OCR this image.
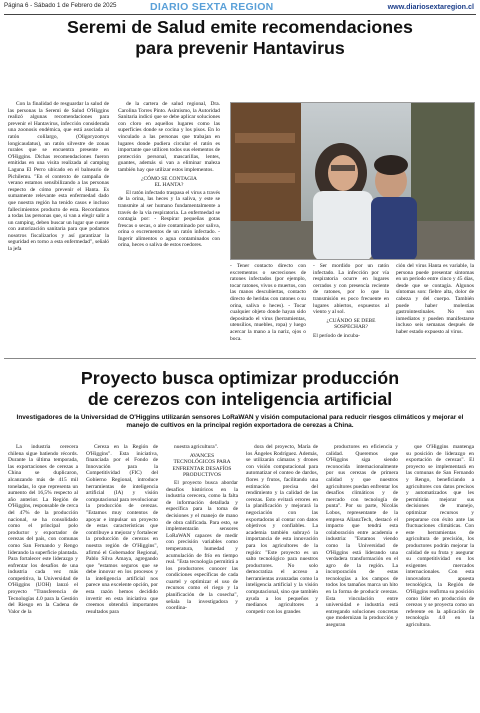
Página 6 - Sábado 1 de Febrero de 2025	DIARIO SEXTA REGION	www.diariosextaregion.cl
Seremi de Salud emite recomendaciones
para prevenir Hantavirus

Con la finalidad de resguardar la salud de las personas la Seremi de Salud O'Higgins realizó algunas recomendaciones para prevenir el Hantavirus, infección considerada una zoonosis endémica, que está asociada al ratón colilargo, (Oligoryzomys longicaudatus), un ratón silvestre de zonas rurales que se encuentra presente en O'Higgins. Dichas recomendaciones fueron emitidas en una visita realizada al camping Laguna El Perro ubicado en el balneario de Pichilemu. "En el contexto de campaña de verano estamos sensibilizando a las personas respecto de cómo prevenir el Hanta. Es sumamente relevante esta enfermedad dado que nuestra región ha tenido casos e incluso fallecimientos producto de esta. Recordamos a todas las personas que, si van a elegir salir a un camping, deben buscar un lugar que cuente con autorización sanitaria para que podamos nosotros fiscalizarlos y así garantizar la seguridad en torno a esta enfermedad", señaló la jefa

de la cartera de salud regional, Dra. Carolina Torres Pinto. Asimismo, la Autoridad Sanitaria indicó que se debe aplicar soluciones con cloro en aquellos lugares como las superficies donde se cocina y los pisos. En lo vinculado a las personas que trabajan en lugares donde pudiera circular el ratón es importante que utilicen todos sus elementos de protección personal, mascarillas, lentes, guantes, además si van a eliminar maleza también hay que utilizar estos implementos.

¿CÓMO SE CONTAGIA
EL HANTA?

El ratón infectado traspasa el virus a través de la orina, las heces y la saliva, y este se transmite al ser humano fundamentalmente a través de la vía respiratoria. La enfermedad se contagia por: - Respirar pequeñas gotas frescas o secas, o aire contaminado por saliva, orina o excrementos de un ratón infectado. - Ingerir alimentos o agua contaminados con orina, heces o saliva de estos roedores.

- Tener contacto directo con excrementos o secreciones de ratones infectados (por ejemplo, tocar ratones, vivos o muertos, con las manos descubiertas, contacto directo de heridas con ratones o su orina, saliva o heces). - Tocar cualquier objeto donde hayan sido depositado el virus (herramientas, utensilios, muebles, ropa) y luego acercar la mano a la nariz, ojos o boca.

- Ser mordido por un ratón infectado. La infección por vía respiratoria ocurre en lugares cerrados y con presencia reciente de ratones, por lo que la transmisión es poco frecuente en lugares abiertos, expuestos al viento y al sol.

¿CUÁNDO SE DEBE
SOSPECHAR?

El período de incuba-

ción del virus Hanta es variable, la persona puede presentar síntomas en un período entre cinco y 45 días, desde que se contagia. Algunos síntomas son: fiebre alta, dolor de cabeza y del cuerpo. También puede haber molestias gastrointestinales. No son inmediatos y pueden manifestarse incluso seis semanas después de haber estado expuesto al virus.

Proyecto busca optimizar producción
de cerezos con inteligencia artificial
Investigadores de la Universidad de O'Higgins utilizarán sensores LoRaWAN y visión computacional para reducir riesgos climáticos y mejorar el manejo de cultivos en la principal región exportadora de cerezas a China.

La industria cerecera chilena sigue batiendo récords. Durante la última temporada, las exportaciones de cerezas a China se duplicaron, alcanzando más de 415 mil toneladas, lo que representa un aumento del 16,5% respecto al año anterior. La Región de O'Higgins, responsable de cerca del 47% de la producción nacional, se ha consolidado como el principal polo productor y exportador de cerezas del país, con comunas como San Fernando y Rengo liderando la superficie plantada. Para fortalecer este liderazgo y enfrentar los desafíos de una industria cada vez más competitiva, la Universidad de O'Higgins (UOH) lanzó el proyecto "Transferencia de Tecnologías 4.0 para la Gestión del Riesgo en la Cadena de Valor de la

Cereza en la Región de O'Higgins". Esta iniciativa, financiada por el Fondo de Innovación para la Competitividad (FIC) del Gobierno Regional, introduce herramientas de inteligencia artificial (IA) y visión computacional para revolucionar la producción de cerezas. "Estamos muy contentos de apoyar e impulsar un proyecto de estas características que contribuye a mejorar y fortalecer la producción de cerezos en nuestra región de O'Higgins", afirmó el Gobernador Regional, Pablo Silva Amaya, agregando que "estamos seguros que se debe innovar en los procesos y la inteligencia artificial nos parece una excelente opción, por esta razón hemos decidido invertir en esta iniciativa que creemos obtendrá importantes resultados para

nuestra agricultura".

AVANCES
TECNOLÓGICOS PARA
ENFRENTAR DESAFÍOS
PRODUCTIVOS

El proyecto busca abordar desafíos históricos en la industria cerecera, como la falta de información detallada y específica para la toma de decisiones y el manejo de mano de obra calificada. Para esto, se implementarán sensores LoRaWAN capaces de medir con precisión variables como temperatura, humedad y acumulación de frío en tiempo real. "Esta tecnología permitirá a los productores conocer las condiciones específicas de cada cuartel y optimizar el uso de recursos como el riego y la planificación de la cosecha", señala la investigadora y coordina-

dora del proyecto, María de los Ángeles Rodríguez. Además, se utilizarán cámaras y drones con visión computacional para automatizar el conteo de dardos, flores y frutos, facilitando una estimación precisa del rendimiento y la calidad de las cerezas. Esto evitará errores en la planificación y mejorará la negociación con las exportadoras al contar con datos objetivos y confiables. La academia también subrayó la importancia de esta innovación para los agricultores de la región: "Este proyecto es un salto tecnológico para nuestros productores. No solo democratiza el acceso a herramientas avanzadas como la inteligencia artificial y la visión computacional, sino que también ayuda a los pequeños y medianos agricultores a competir con los grandes

productores en eficiencia y calidad. Queremos que O'Higgins siga siendo reconocida internacionalmente por sus cerezas de primera calidad y que nuestros agricultores puedan enfrentar los desafíos climáticos y de mercado con tecnología de punta". Por su parte, Nicolás Lobos, representante de la empresa AlianzTech, destacó el impacto que tendrá esta colaboración entre academia e industria: "Estamos viendo como la Universidad de O'Higgins está liderando una verdadera transformación en el agro de la región. La incorporación de estas tecnologías a los campos de todos los tamaños marca un hito en la forma de producir cerezas. Esta vinculación entre universidad e industria está entregando soluciones concretas que modernizan la producción y aseguran

que O'Higgins mantenga su posición de liderazgo en exportación de cerezas". El proyecto se implementará en las comunas de San Fernando y Rengo, beneficiando a agricultores con datos precisos y automatizados que les permitirán mejorar sus decisiones de manejo, optimizar recursos y prepararse con éxito ante las fluctuaciones climáticas. Con este herramientas de agricultura de precisión, los productores podrán mejorar la calidad de su fruta y asegurar su competitividad en los exigentes mercados internacionales. Con esta innovadora apuesta tecnológica, la Región de O'Higgins reafirma su posición como líder en producción de cerezos y se proyecta como un referente en la aplicación de tecnología 4.0 en la agricultura.
